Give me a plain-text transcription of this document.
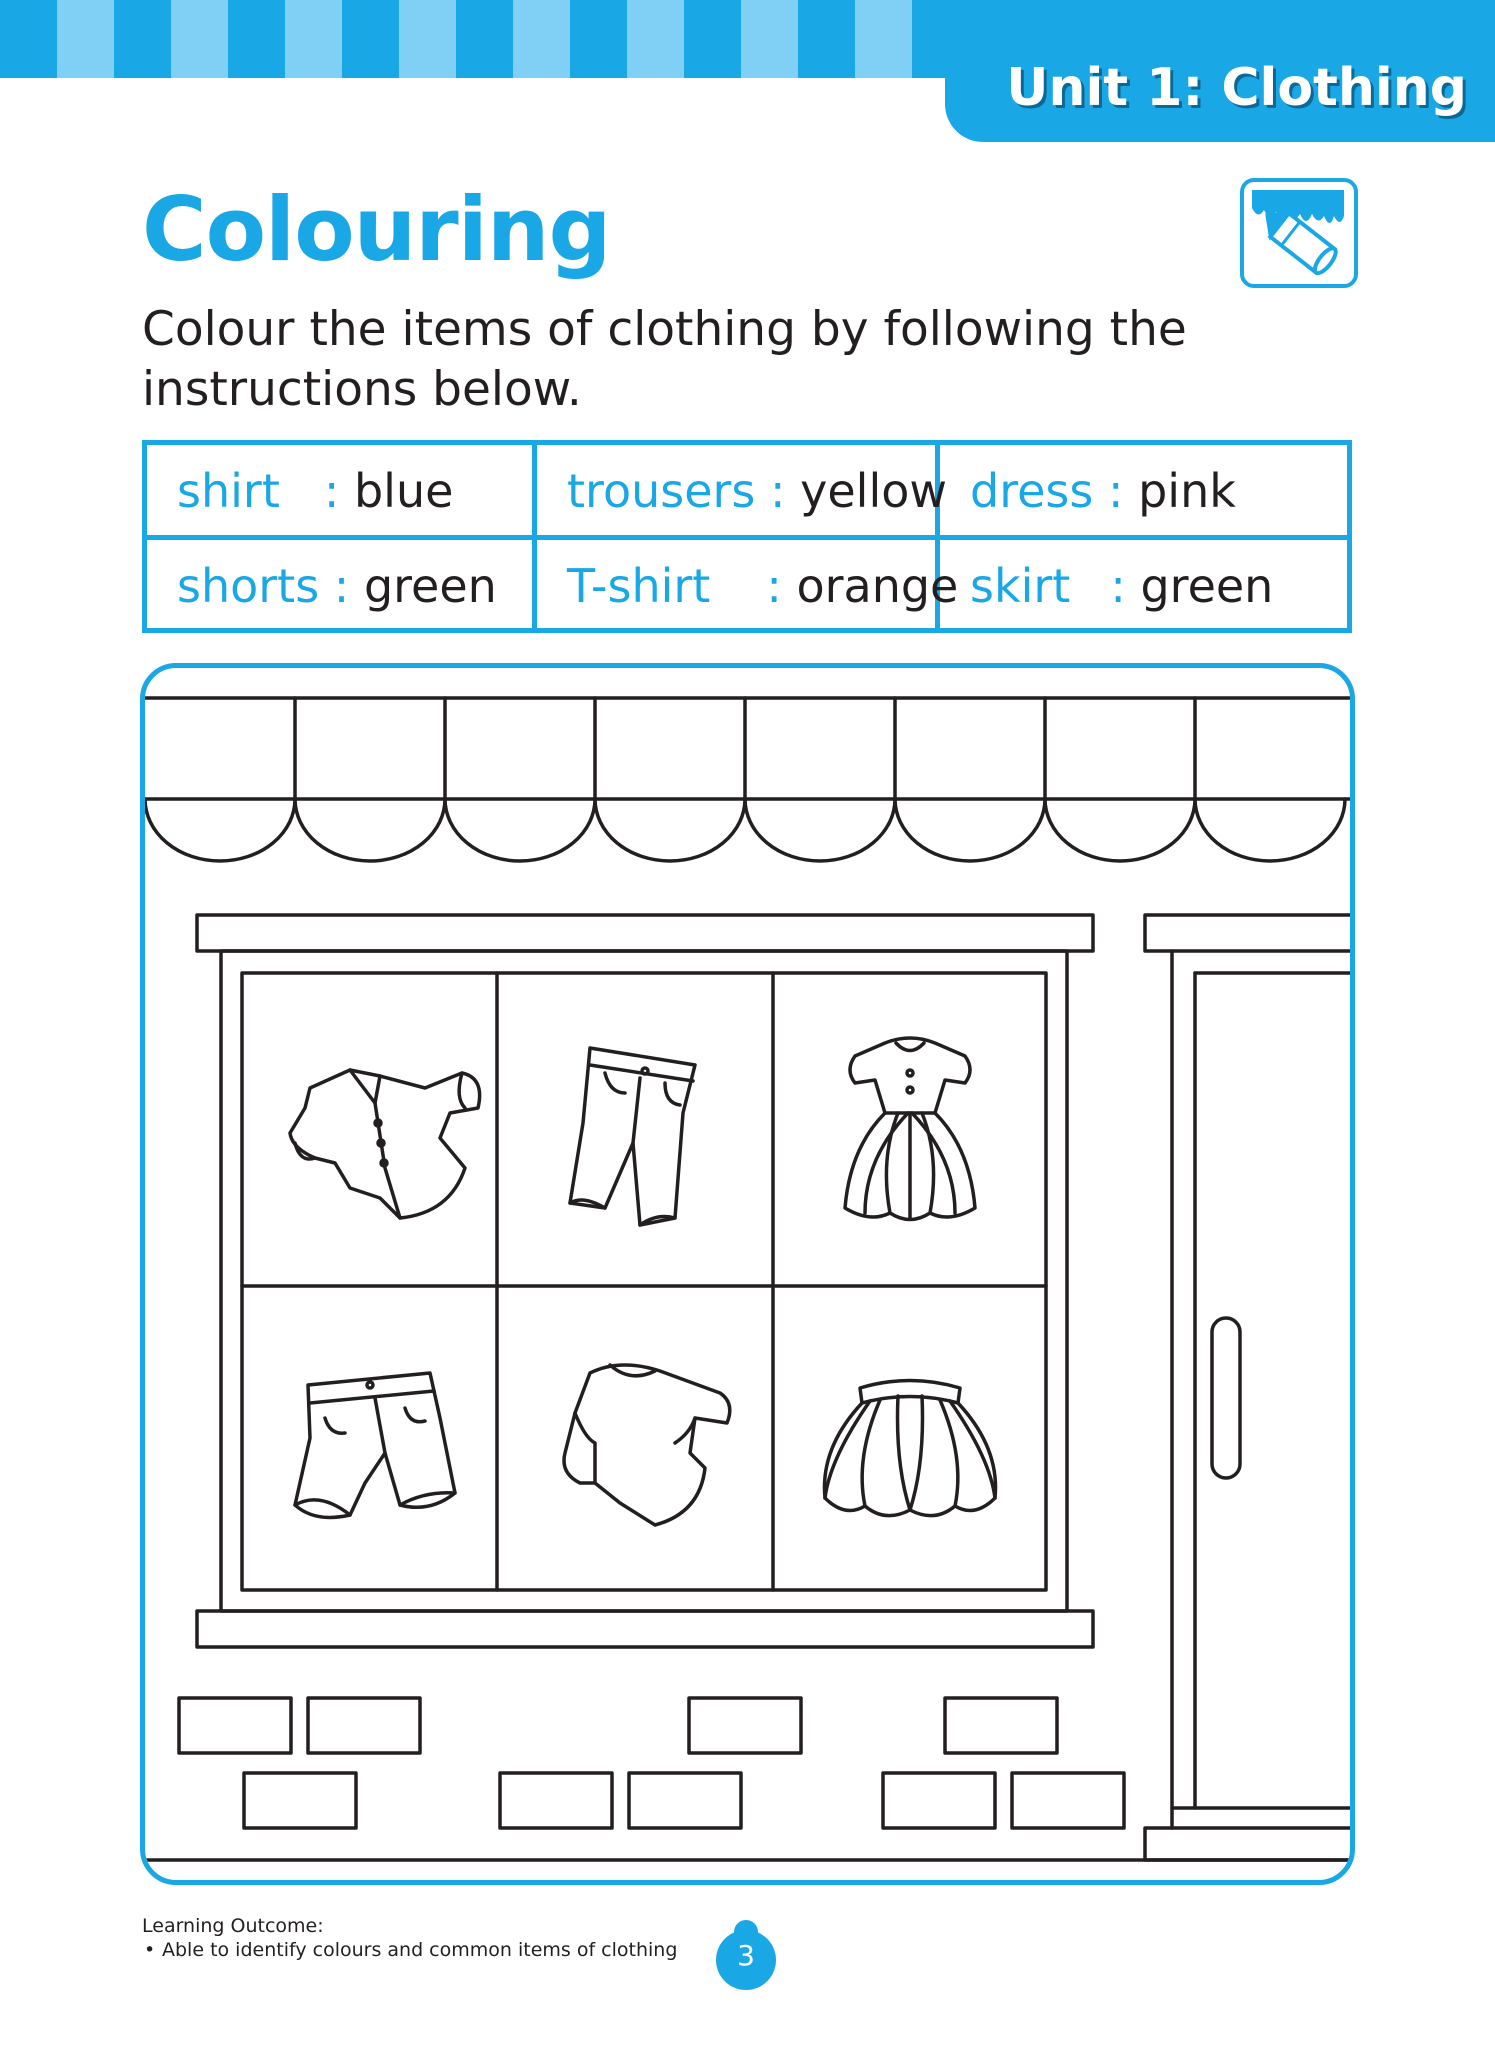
Unit 1: Clothing
Colouring
Colour the items of clothing by following the instructions below.
shirt : blue	trousers : yellow dress : pink
shorts : green	T-shirt : orange skirt : green
Learning Outcome:
• Able to identify colours and common items of clothing	3
